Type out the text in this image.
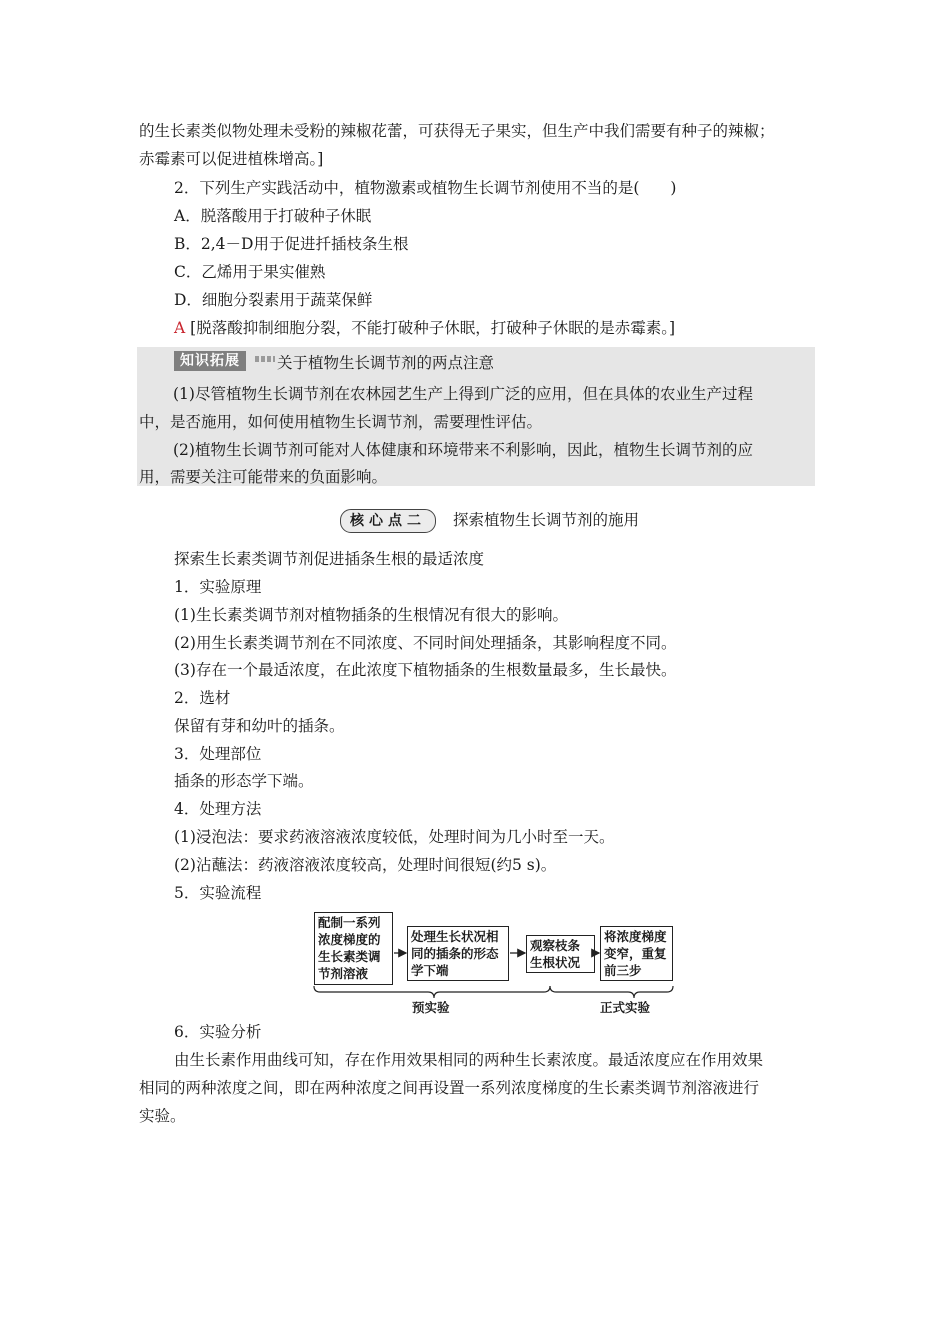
的生长素类似物处理未受粉的辣椒花蕾，可获得无子果实，但生产中我们需要有种子的辣椒；
赤霉素可以促进植株增高。]
2．下列生产实践活动中，植物激素或植物生长调节剂使用不当的是(　　)
A．脱落酸用于打破种子休眠
B．2,4－D用于促进扦插枝条生根
C．乙烯用于果实催熟
D．细胞分裂素用于蔬菜保鲜
A [脱落酸抑制细胞分裂，不能打破种子休眠，打破种子休眠的是赤霉素。]
知识拓展	关于植物生长调节剂的两点注意
(1)尽管植物生长调节剂在农林园艺生产上得到广泛的应用，但在具体的农业生产过程
中，是否施用，如何使用植物生长调节剂，需要理性评估。
(2)植物生长调节剂可能对人体健康和环境带来不利影响，因此，植物生长调节剂的应
用，需要关注可能带来的负面影响。
核心点二	探索植物生长调节剂的施用
探索生长素类调节剂促进插条生根的最适浓度
1．实验原理
(1)生长素类调节剂对植物插条的生根情况有很大的影响。
(2)用生长素类调节剂在不同浓度、不同时间处理插条，其影响程度不同。
(3)存在一个最适浓度，在此浓度下植物插条的生根数量最多，生长最快。
2．选材
保留有芽和幼叶的插条。
3．处理部位
插条的形态学下端。
4．处理方法
(1)浸泡法：要求药液溶液浓度较低，处理时间为几小时至一天。
(2)沾蘸法：药液溶液浓度较高，处理时间很短(约5 s)。
5．实验流程
配制一系列
浓度梯度的
生长素类调
节剂溶液
处理生长状况相
同的插条的形态
学下端
观察枝条
生根状况
将浓度梯度
变窄，重复
前三步
预实验	正式实验
6．实验分析
由生长素作用曲线可知，存在作用效果相同的两种生长素浓度。最适浓度应在作用效果
相同的两种浓度之间，即在两种浓度之间再设置一系列浓度梯度的生长素类调节剂溶液进行
实验。
